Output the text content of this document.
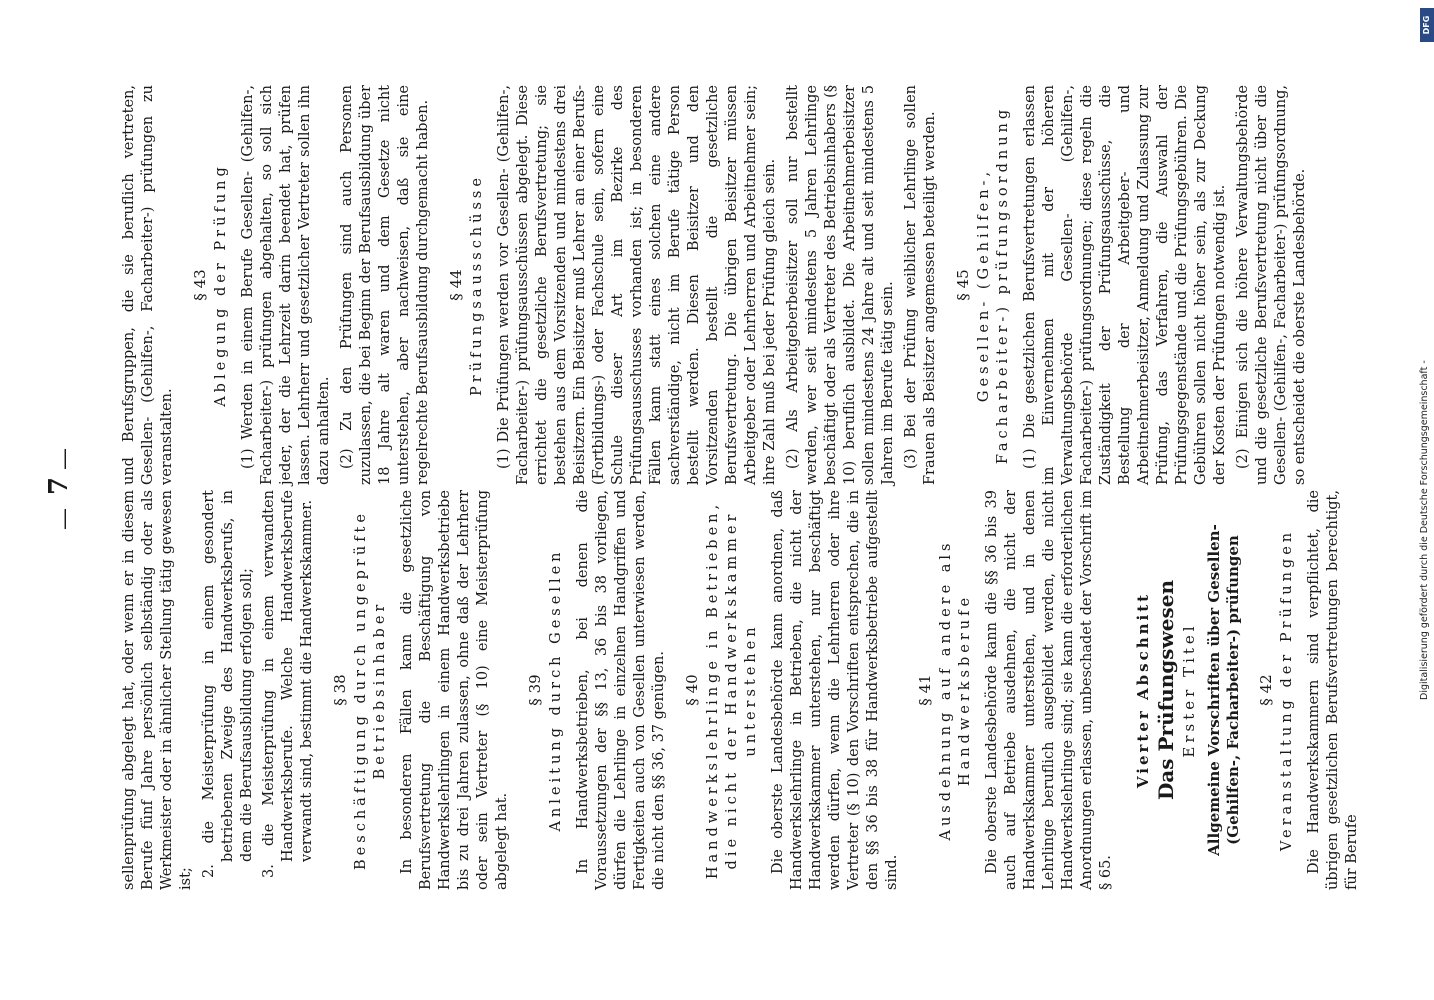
—
7
—

sellenprüfung abgelegt hat, oder wenn er in diesem Berufe fünf Jahre persönlich selbständig oder als Werkmeister oder in ähnlicher Stellung tätig gewesen ist; 2. die Meisterprüfung in einem gesondert betriebenen Zweige des Handwerksberufs, in dem die Berufsausbildung erfolgen soll;
3. die Meisterprüfung in einem verwandten Handwerksberufe. Welche Handwerksberufe verwandt sind, bestimmt die Handwerkskammer. § 38 Beschäftigung durch ungeprüfte Betriebsinhaber In besonderen Fällen kann die gesetzliche Berufsvertretung die Beschäftigung von Handwerkslehrlingen in einem Handwerksbetriebe bis zu drei Jahren zulassen, ohne daß der Lehrherr oder sein Vertreter (§ 10) eine Meisterprüfung abgelegt hat.

§ 39 Anleitung durch Gesellen In Handwerksbetrieben, bei denen die Voraussetzungen der §§ 13, 36 bis 38 vorliegen, dürfen die Lehrlinge in einzelnen Handgriffen und Fertigkeiten auch von Gesellen unterwiesen werden, die nicht den §§ 36, 37 genügen. § 40 Handwerkslehrlinge in Betrieben, die nicht der Handwerkskammer unterstehen Die oberste Landesbehörde kann anordnen, daß Handwerkslehrlinge in Betrieben, die nicht der Handwerkskammer unterstehen, nur beschäftigt werden dürfen, wenn die Lehrherren oder ihre Vertreter (§ 10) den Vorschriften entsprechen, die in den §§ 36 bis 38 für Handwerksbetriebe aufgestellt sind.

§ 41 Ausdehnung auf andere als Handwerksberufe Die oberste Landesbehörde kann die §§ 36 bis 39 auch auf Betriebe ausdehnen, die nicht der Handwerkskammer unterstehen, und in denen Lehrlinge beruflich ausgebildet werden, die nicht Handwerkslehrlinge sind; sie kann die erforderlichen Anordnungen erlassen, unbeschadet der Vorschrift im § 65.

Vierter Abschnitt Das Prüfungswesen Erster Titel Allgemeine Vorschriften über Gesellen- (Gehilfen-, Facharbeiter-) prüfungen § 42 Veranstaltung der Prüfungen Die Handwerkskammern sind verpflichtet, die übrigen gesetzlichen Berufsvertretungen berechtigt, für Berufe

und Berufsgruppen, die sie beruflich vertreten, Gesellen- (Gehilfen-, Facharbeiter-) prüfungen zu veranstalten.

§ 43 Ablegung der Prüfung (1) Werden in einem Berufe Gesellen- (Gehilfen-, Facharbeiter-) prüfungen abgehalten, so soll sich jeder, der die Lehrzeit darin beendet hat, prüfen lassen. Lehrherr und gesetzlicher Vertreter sollen ihn dazu anhalten. (2) Zu den Prüfungen sind auch Personen zuzulassen, die bei Beginn der Berufsausbildung über 18 Jahre alt waren und dem Gesetze nicht unterstehen, aber nachweisen, daß sie eine regelrechte Berufsausbildung durchgemacht haben. § 44 Prüfungsausschüsse (1) Die Prüfungen werden vor Gesellen- (Gehilfen-, Facharbeiter-) prüfungsausschüssen abgelegt. Diese errichtet die gesetzliche Berufsvertretung; sie bestehen aus dem Vorsitzenden und mindestens drei Beisitzern. Ein Beisitzer muß Lehrer an einer Berufs- (Fortbildungs-) oder Fachschule sein, sofern eine Schule dieser Art im Bezirke des Prüfungsausschusses vorhanden ist; in besonderen Fällen kann statt eines solchen eine andere sachverständige, nicht im Berufe tätige Person bestellt werden. Diesen Beisitzer und den Vorsitzenden bestellt die gesetzliche Berufsvertretung. Die übrigen Beisitzer müssen Arbeitgeber oder Lehrherren und Arbeitnehmer sein; ihre Zahl muß bei jeder Prüfung gleich sein. (2) Als Arbeitgeberbeisitzer soll nur bestellt werden, wer seit mindestens 5 Jahren Lehrlinge beschäftigt oder als Vertreter des Betriebsinhabers (§ 10) beruflich ausbildet. Die Arbeitnehmerbeisitzer sollen mindestens 24 Jahre alt und seit mindestens 5 Jahren im Berufe tätig sein. (3) Bei der Prüfung weiblicher Lehrlinge sollen Frauen als Beisitzer angemessen beteiligt werden. § 45 Gesellen- (Gehilfen-, Facharbeiter-) prüfungsordnung (1) Die gesetzlichen Berufsvertretungen erlassen im Einvernehmen mit der höheren Verwaltungsbehörde Gesellen- (Gehilfen-, Facharbeiter-) prüfungsordnungen; diese regeln die Zuständigkeit der Prüfungsausschüsse, die Bestellung der Arbeitgeber- und Arbeitnehmerbeisitzer, Anmeldung und Zulassung zur Prüfung, das Verfahren, die Auswahl der Prüfungsgegenstände und die Prüfungsgebühren. Die Gebühren sollen nicht höher sein, als zur Deckung der Kosten der Prüfungen notwendig ist. (2) Einigen sich die höhere Verwaltungsbehörde und die gesetzliche Berufsvertretung nicht über die Gesellen- (Gehilfen-, Facharbeiter-) prüfungsordnung, so entscheidet die oberste Landesbehörde.

Digitalisierung gefördert durch die Deutsche Forschungsgemeinschaft -
DFG
